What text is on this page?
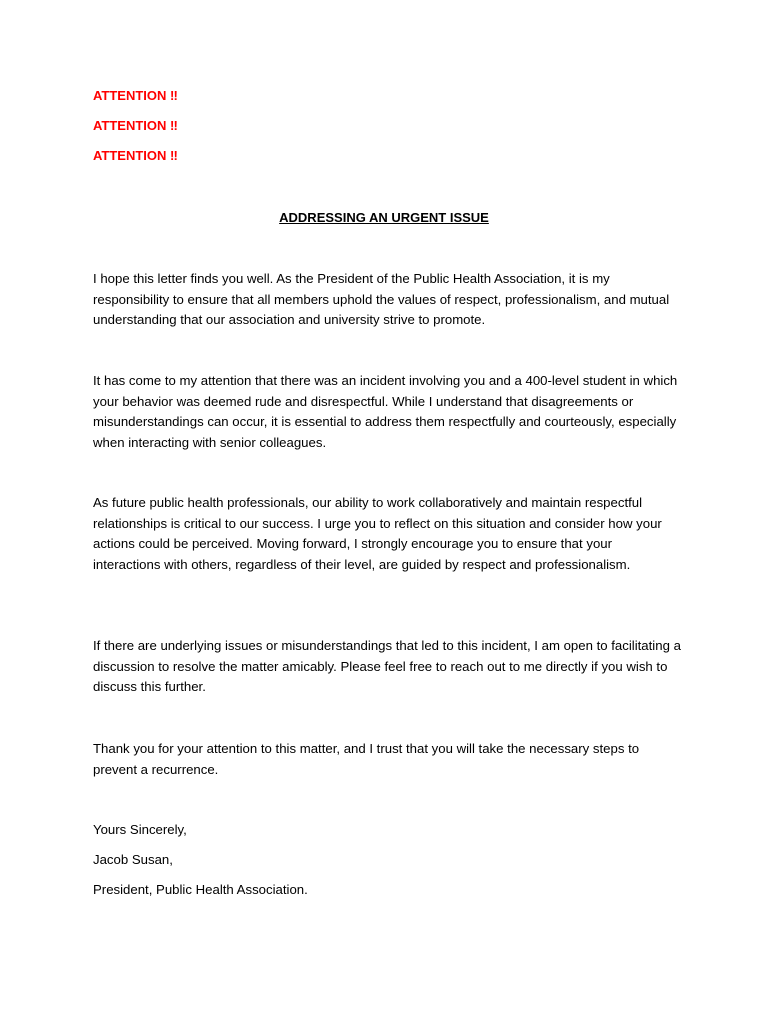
ATTENTION ‼

ATTENTION ‼

ATTENTION ‼

ADDRESSING AN URGENT ISSUE

I hope this letter finds you well. As the President of the Public Health Association, it is my responsibility to ensure that all members uphold the values of respect, professionalism, and mutual understanding that our association and university strive to promote.

It has come to my attention that there was an incident involving you and a 400-level student in which your behavior was deemed rude and disrespectful. While I understand that disagreements or misunderstandings can occur, it is essential to address them respectfully and courteously, especially when interacting with senior colleagues.

As future public health professionals, our ability to work collaboratively and maintain respectful relationships is critical to our success. I urge you to reflect on this situation and consider how your actions could be perceived. Moving forward, I strongly encourage you to ensure that your interactions with others, regardless of their level, are guided by respect and professionalism.

If there are underlying issues or misunderstandings that led to this incident, I am open to facilitating a discussion to resolve the matter amicably. Please feel free to reach out to me directly if you wish to discuss this further.

Thank you for your attention to this matter, and I trust that you will take the necessary steps to prevent a recurrence.

Yours Sincerely,

Jacob Susan,

President, Public Health Association.
